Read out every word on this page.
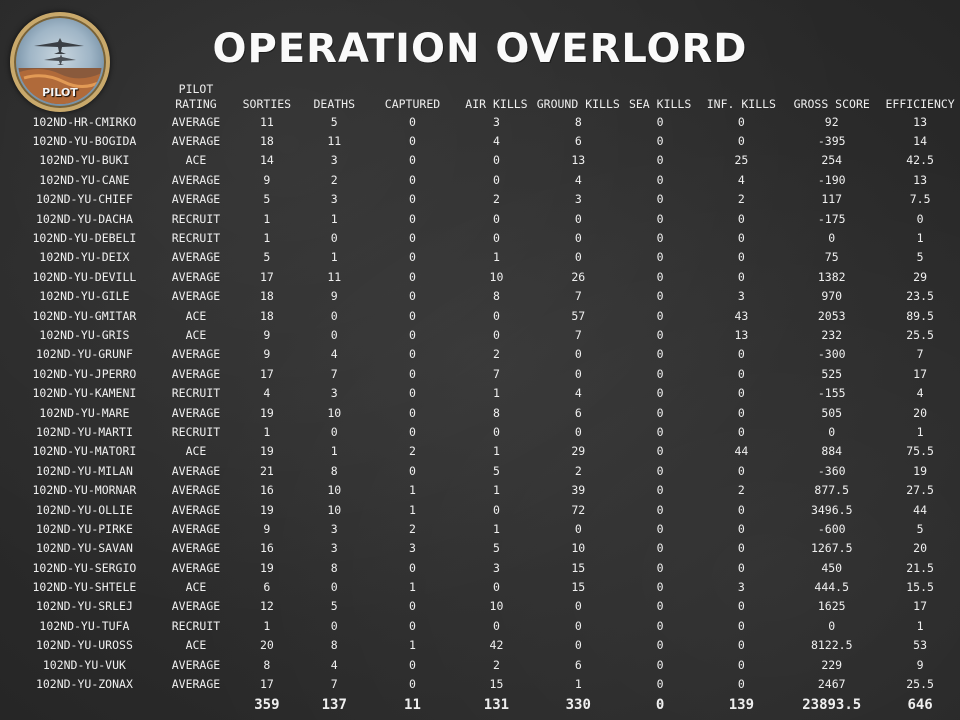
PILOT
OPERATION OVERLORD
	PILOT RATING	SORTIES	DEATHS	CAPTURED	AIR KILLS	GROUND KILLS	SEA KILLS	INF. KILLS	GROSS SCORE	EFFICIENCY
102ND-HR-CMIRKO	AVERAGE	11	5	0	3	8	0	0	92	13
102ND-YU-BOGIDA	AVERAGE	18	11	0	4	6	0	0	-395	14
102ND-YU-BUKI	ACE	14	3	0	0	13	0	25	254	42.5
102ND-YU-CANE	AVERAGE	9	2	0	0	4	0	4	-190	13
102ND-YU-CHIEF	AVERAGE	5	3	0	2	3	0	2	117	7.5
102ND-YU-DACHA	RECRUIT	1	1	0	0	0	0	0	-175	0
102ND-YU-DEBELI	RECRUIT	1	0	0	0	0	0	0	0	1
102ND-YU-DEIX	AVERAGE	5	1	0	1	0	0	0	75	5
102ND-YU-DEVILL	AVERAGE	17	11	0	10	26	0	0	1382	29
102ND-YU-GILE	AVERAGE	18	9	0	8	7	0	3	970	23.5
102ND-YU-GMITAR	ACE	18	0	0	0	57	0	43	2053	89.5
102ND-YU-GRIS	ACE	9	0	0	0	7	0	13	232	25.5
102ND-YU-GRUNF	AVERAGE	9	4	0	2	0	0	0	-300	7
102ND-YU-JPERRO	AVERAGE	17	7	0	7	0	0	0	525	17
102ND-YU-KAMENI	RECRUIT	4	3	0	1	4	0	0	-155	4
102ND-YU-MARE	AVERAGE	19	10	0	8	6	0	0	505	20
102ND-YU-MARTI	RECRUIT	1	0	0	0	0	0	0	0	1
102ND-YU-MATORI	ACE	19	1	2	1	29	0	44	884	75.5
102ND-YU-MILAN	AVERAGE	21	8	0	5	2	0	0	-360	19
102ND-YU-MORNAR	AVERAGE	16	10	1	1	39	0	2	877.5	27.5
102ND-YU-OLLIE	AVERAGE	19	10	1	0	72	0	0	3496.5	44
102ND-YU-PIRKE	AVERAGE	9	3	2	1	0	0	0	-600	5
102ND-YU-SAVAN	AVERAGE	16	3	3	5	10	0	0	1267.5	20
102ND-YU-SERGIO	AVERAGE	19	8	0	3	15	0	0	450	21.5
102ND-YU-SHTELE	ACE	6	0	1	0	15	0	3	444.5	15.5
102ND-YU-SRLEJ	AVERAGE	12	5	0	10	0	0	0	1625	17
102ND-YU-TUFA	RECRUIT	1	0	0	0	0	0	0	0	1
102ND-YU-UROSS	ACE	20	8	1	42	0	0	0	8122.5	53
102ND-YU-VUK	AVERAGE	8	4	0	2	6	0	0	229	9
102ND-YU-ZONAX	AVERAGE	17	7	0	15	1	0	0	2467	25.5
		359	137	11	131	330	0	139	23893.5	646
